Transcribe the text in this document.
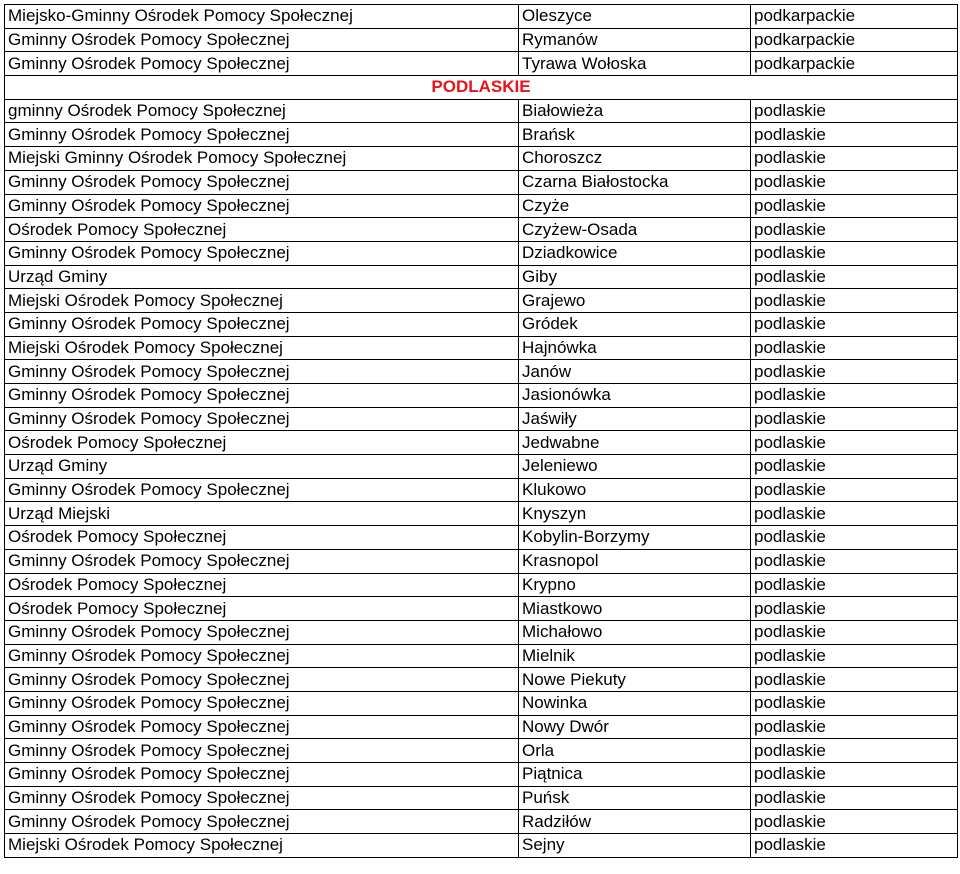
Miejsko-Gminny Ośrodek Pomocy Społecznej	Oleszyce	podkarpackie
Gminny Ośrodek Pomocy Społecznej	Rymanów	podkarpackie
Gminny Ośrodek Pomocy Społecznej	Tyrawa Wołoska	podkarpackie
PODLASKIE		
gminny Ośrodek Pomocy Społecznej	Białowieża	podlaskie
Gminny Ośrodek Pomocy Społecznej	Brańsk	podlaskie
Miejski Gminny Ośrodek Pomocy Społecznej	Choroszcz	podlaskie
Gminny Ośrodek Pomocy Społecznej	Czarna Białostocka	podlaskie
Gminny Ośrodek Pomocy Społecznej	Czyże	podlaskie
Ośrodek Pomocy Społecznej	Czyżew-Osada	podlaskie
Gminny Ośrodek Pomocy Społecznej	Dziadkowice	podlaskie
Urząd Gminy	Giby	podlaskie
Miejski Ośrodek Pomocy Społecznej	Grajewo	podlaskie
Gminny Ośrodek Pomocy Społecznej	Gródek	podlaskie
Miejski Ośrodek Pomocy Społecznej	Hajnówka	podlaskie
Gminny Ośrodek Pomocy Społecznej	Janów	podlaskie
Gminny Ośrodek Pomocy Społecznej	Jasionówka	podlaskie
Gminny Ośrodek Pomocy Społecznej	Jaświły	podlaskie
Ośrodek Pomocy Społecznej	Jedwabne	podlaskie
Urząd Gminy	Jeleniewo	podlaskie
Gminny Ośrodek Pomocy Społecznej	Klukowo	podlaskie
Urząd Miejski	Knyszyn	podlaskie
Ośrodek Pomocy Społecznej	Kobylin-Borzymy	podlaskie
Gminny Ośrodek Pomocy Społecznej	Krasnopol	podlaskie
Ośrodek Pomocy Społecznej	Krypno	podlaskie
Ośrodek Pomocy Społecznej	Miastkowo	podlaskie
Gminny Ośrodek Pomocy Społecznej	Michałowo	podlaskie
Gminny Ośrodek Pomocy Społecznej	Mielnik	podlaskie
Gminny Ośrodek Pomocy Społecznej	Nowe Piekuty	podlaskie
Gminny Ośrodek Pomocy Społecznej	Nowinka	podlaskie
Gminny Ośrodek Pomocy Społecznej	Nowy Dwór	podlaskie
Gminny Ośrodek Pomocy Społecznej	Orla	podlaskie
Gminny Ośrodek Pomocy Społecznej	Piątnica	podlaskie
Gminny Ośrodek Pomocy Społecznej	Puńsk	podlaskie
Gminny Ośrodek Pomocy Społecznej	Radziłów	podlaskie
Miejski Ośrodek Pomocy Społecznej	Sejny	podlaskie
